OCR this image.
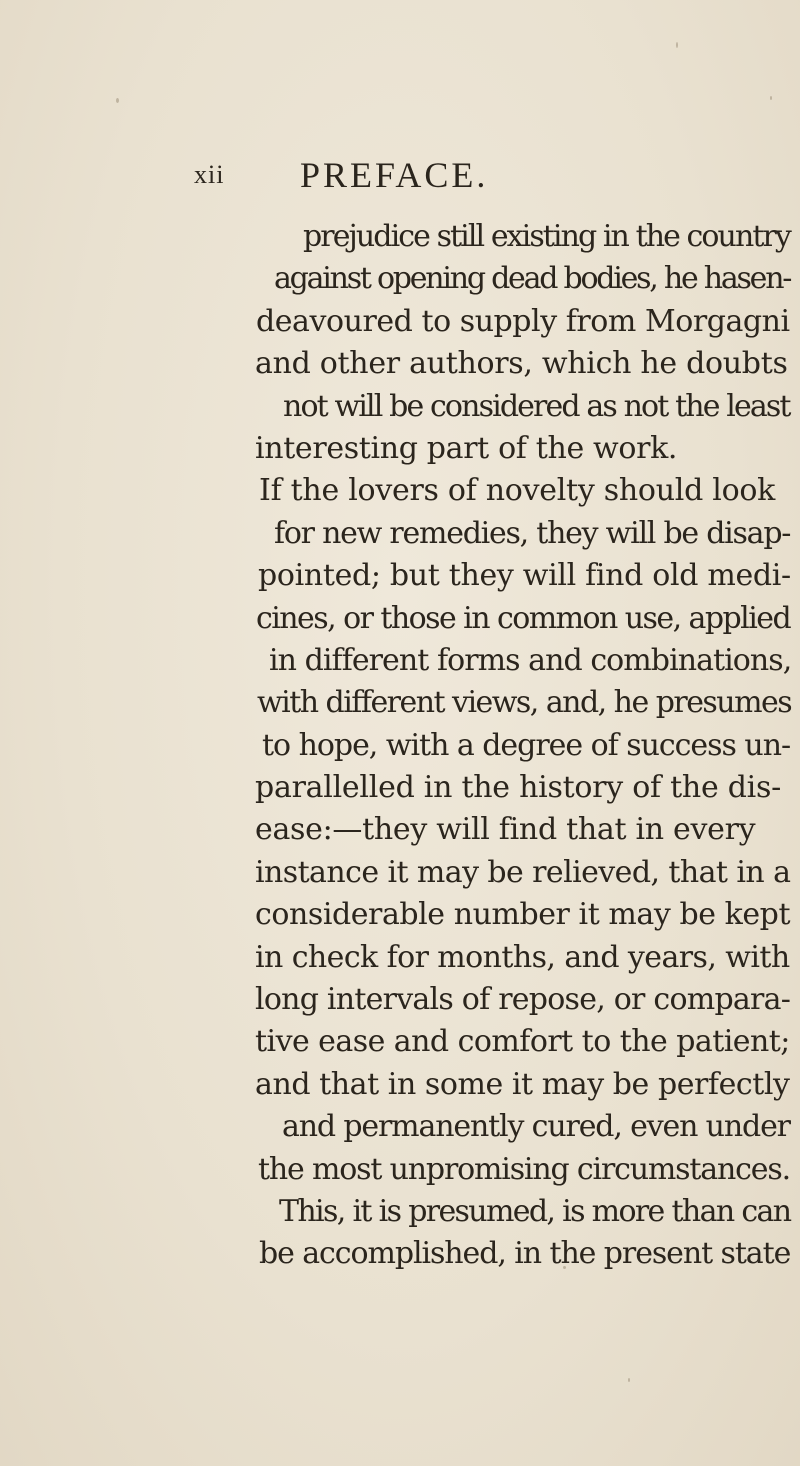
xii PREFACE.
prejudice still existing in the country
against opening dead bodies, he hasen-
deavoured to supply from Morgagni
and other authors, which he doubts
not will be considered as not the least
interesting part of the work.
If the lovers of novelty should look
for new remedies, they will be disap-
pointed; but they will find old medi-
cines, or those in common use, applied
in different forms and combinations,
with different views, and, he presumes
to hope, with a degree of success un-
parallelled in the history of the dis-
ease:—they will find that in every
instance it may be relieved, that in a
considerable number it may be kept
in check for months, and years, with
long intervals of repose, or compara-
tive ease and comfort to the patient;
and that in some it may be perfectly
and permanently cured, even under
the most unpromising circumstances.
This, it is presumed, is more than can
be accomplished, in the present state
